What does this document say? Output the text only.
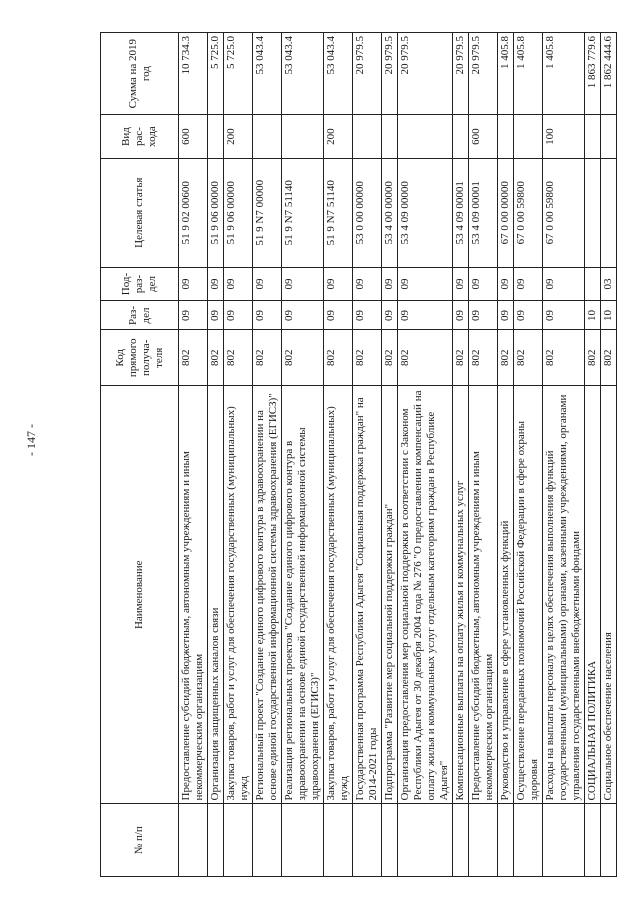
- 147 -
№ п/п	Наименование	Код прямого получа- теля	Раз- дел	Под- раз- дел	Целевая статья	Вид рас- хода	Сумма на 2019 год
	Предоставление субсидий бюджетным, автономным учреждениям и иным некоммерческим организациям	802	09	09	51 9 02 00600	600	10 734.3
	Организация защищенных каналов связи	802	09	09	51 9 06 00000		5 725.0
	Закупка товаров, работ и услуг для обеспечения государственных (муниципальных) нужд	802	09	09	51 9 06 00000	200	5 725.0
	Региональный проект "Создание единого цифрового контура в здравоохранении на основе единой государственной информационной системы здравоохранения (ЕГИСЗ)"	802	09	09	51 9 N7 00000		53 043.4
	Реализация региональных проектов "Создание единого цифрового контура в здравоохранении на основе единой государственной информационной системы здравоохранения (ЕГИСЗ)"	802	09	09	51 9 N7 51140		53 043.4
	Закупка товаров, работ и услуг для обеспечения государственных (муниципальных) нужд	802	09	09	51 9 N7 51140	200	53 043.4
	Государственная программа Республики Адыгея "Социальная поддержка граждан" на 2014-2021 годы	802	09	09	53 0 00 00000		20 979.5
	Подпрограмма "Развитие мер социальной поддержки граждан"	802	09	09	53 4 00 00000		20 979.5
	Организация предоставления мер социальной поддержки в соответствии с Законом Республики Адыгея от 30 декабря 2004 года № 276 "О предоставлении компенсаций на оплату жилья и коммунальных услуг отдельным категориям граждан в Республике Адыгея"	802	09	09	53 4 09 00000		20 979.5
	Компенсационные выплаты на оплату жилья и коммунальных услуг	802	09	09	53 4 09 00001		20 979.5
	Предоставление субсидий бюджетным, автономным учреждениям и иным некоммерческим организациям	802	09	09	53 4 09 00001	600	20 979.5
	Руководство и управление в сфере установленных функций	802	09	09	67 0 00 00000		1 405.8
	Осуществление переданных полномочий Российской Федерации в сфере охраны здоровья	802	09	09	67 0 00 59800		1 405.8
	Расходы на выплаты персоналу в целях обеспечения выполнения функций государственными (муниципальными) органами, казенными учреждениями, органами управления государственными внебюджетными фондами	802	09	09	67 0 00 59800	100	1 405.8
	СОЦИАЛЬНАЯ ПОЛИТИКА	802	10				1 863 779.6
	Социальное обеспечение населения	802	10	03			1 862 444.6
